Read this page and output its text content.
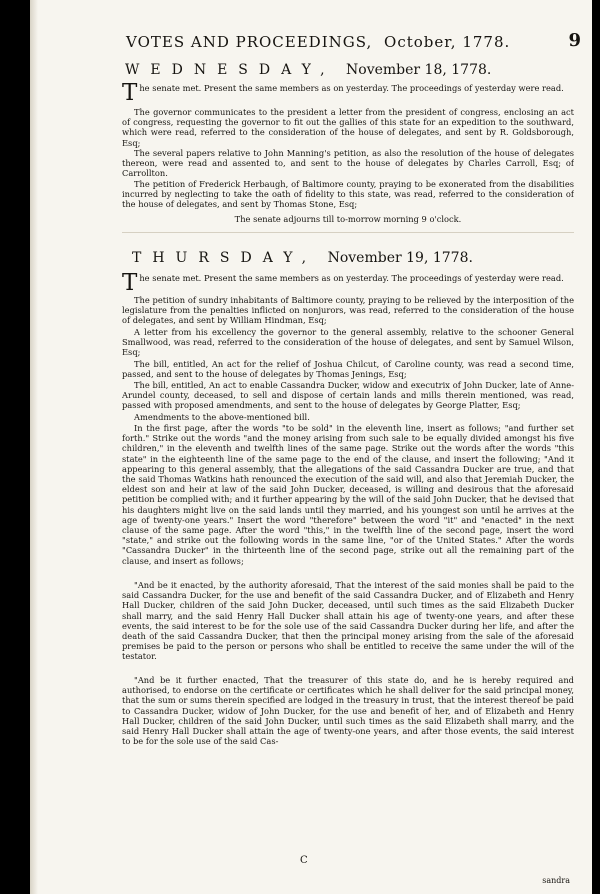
VOTES AND PROCEEDINGS, October, 1778.	9
WEDNESDAY, November 18, 1778.
The senate met. Present the same members as on yesterday. The proceedings of yesterday were read.
The governor communicates to the president a letter from the president of congress, enclosing an act of congress, requesting the governor to fit out the gallies of this state for an expedition to the southward, which were read, referred to the consideration of the house of delegates, and sent by R. Goldsborough, Esq;
The several papers relative to John Manning's petition, as also the resolution of the house of delegates thereon, were read and assented to, and sent to the house of delegates by Charles Carroll, Esq; of Carrollton.
The petition of Frederick Herbaugh, of Baltimore county, praying to be exonerated from the disabilities incurred by neglecting to take the oath of fidelity to this state, was read, referred to the consideration of the house of delegates, and sent by Thomas Stone, Esq;
The senate adjourns till to-morrow morning 9 o'clock.
THURSDAY, November 19, 1778.
The senate met. Present the same members as on yesterday. The proceedings of yesterday were read.
The petition of sundry inhabitants of Baltimore county, praying to be relieved by the interposition of the legislature from the penalties inflicted on nonjurors, was read, referred to the consideration of the house of delegates, and sent by William Hindman, Esq;
A letter from his excellency the governor to the general assembly, relative to the schooner General Smallwood, was read, referred to the consideration of the house of delegates, and sent by Samuel Wilson, Esq;
The bill, entitled, An act for the relief of Joshua Chilcut, of Caroline county, was read a second time, passed, and sent to the house of delegates by Thomas Jenings, Esq;
The bill, entitled, An act to enable Cassandra Ducker, widow and executrix of John Ducker, late of Anne-Arundel county, deceased, to sell and dispose of certain lands and mills therein mentioned, was read, passed with proposed amendments, and sent to the house of delegates by George Platter, Esq;
Amendments to the above-mentioned bill.
In the first page, after the words "to be sold" in the eleventh line, insert as follows; "and further set forth." Strike out the words "and the money arising from such sale to be equally divided amongst his five children," in the eleventh and twelfth lines of the same page. Strike out the words after the words "this state" in the eighteenth line of the same page to the end of the clause, and insert the following; "And it appearing to this general assembly, that the allegations of the said Cassandra Ducker are true, and that the said Thomas Watkins hath renounced the execution of the said will, and also that Jeremiah Ducker, the eldest son and heir at law of the said John Ducker, deceased, is willing and desirous that the aforesaid petition be complied with; and it further appearing by the will of the said John Ducker, that he devised that his daughters might live on the said lands until they married, and his youngest son until he arrives at the age of twenty-one years." Insert the word "therefore" between the word "it" and "enacted" in the next clause of the same page. After the word "this," in the twelfth line of the second page, insert the word "state," and strike out the following words in the same line, "or of the United States." After the words "Cassandra Ducker" in the thirteenth line of the second page, strike out all the remaining part of the clause, and insert as follows;
"And be it enacted, by the authority aforesaid, That the interest of the said monies shall be paid to the said Cassandra Ducker, for the use and benefit of the said Cassandra Ducker, and of Elizabeth and Henry Hall Ducker, children of the said John Ducker, deceased, until such times as the said Elizabeth Ducker shall marry, and the said Henry Hall Ducker shall attain his age of twenty-one years, and after these events, the said interest to be for the sole use of the said Cassandra Ducker during her life, and after the death of the said Cassandra Ducker, that then the principal money arising from the sale of the aforesaid premises be paid to the person or persons who shall be entitled to receive the same under the will of the testator.
"And be it further enacted, That the treasurer of this state do, and he is hereby required and authorised, to endorse on the certificate or certificates which he shall deliver for the said principal money, that the sum or sums therein specified are lodged in the treasury in trust, that the interest thereof be paid to Cassandra Ducker, widow of John Ducker, for the use and benefit of her, and of Elizabeth and Henry Hall Ducker, children of the said John Ducker, until such times as the said Elizabeth shall marry, and the said Henry Hall Ducker shall attain the age of twenty-one years, and after those events, the said interest to be for the sole use of the said Cas-
C
sandra
